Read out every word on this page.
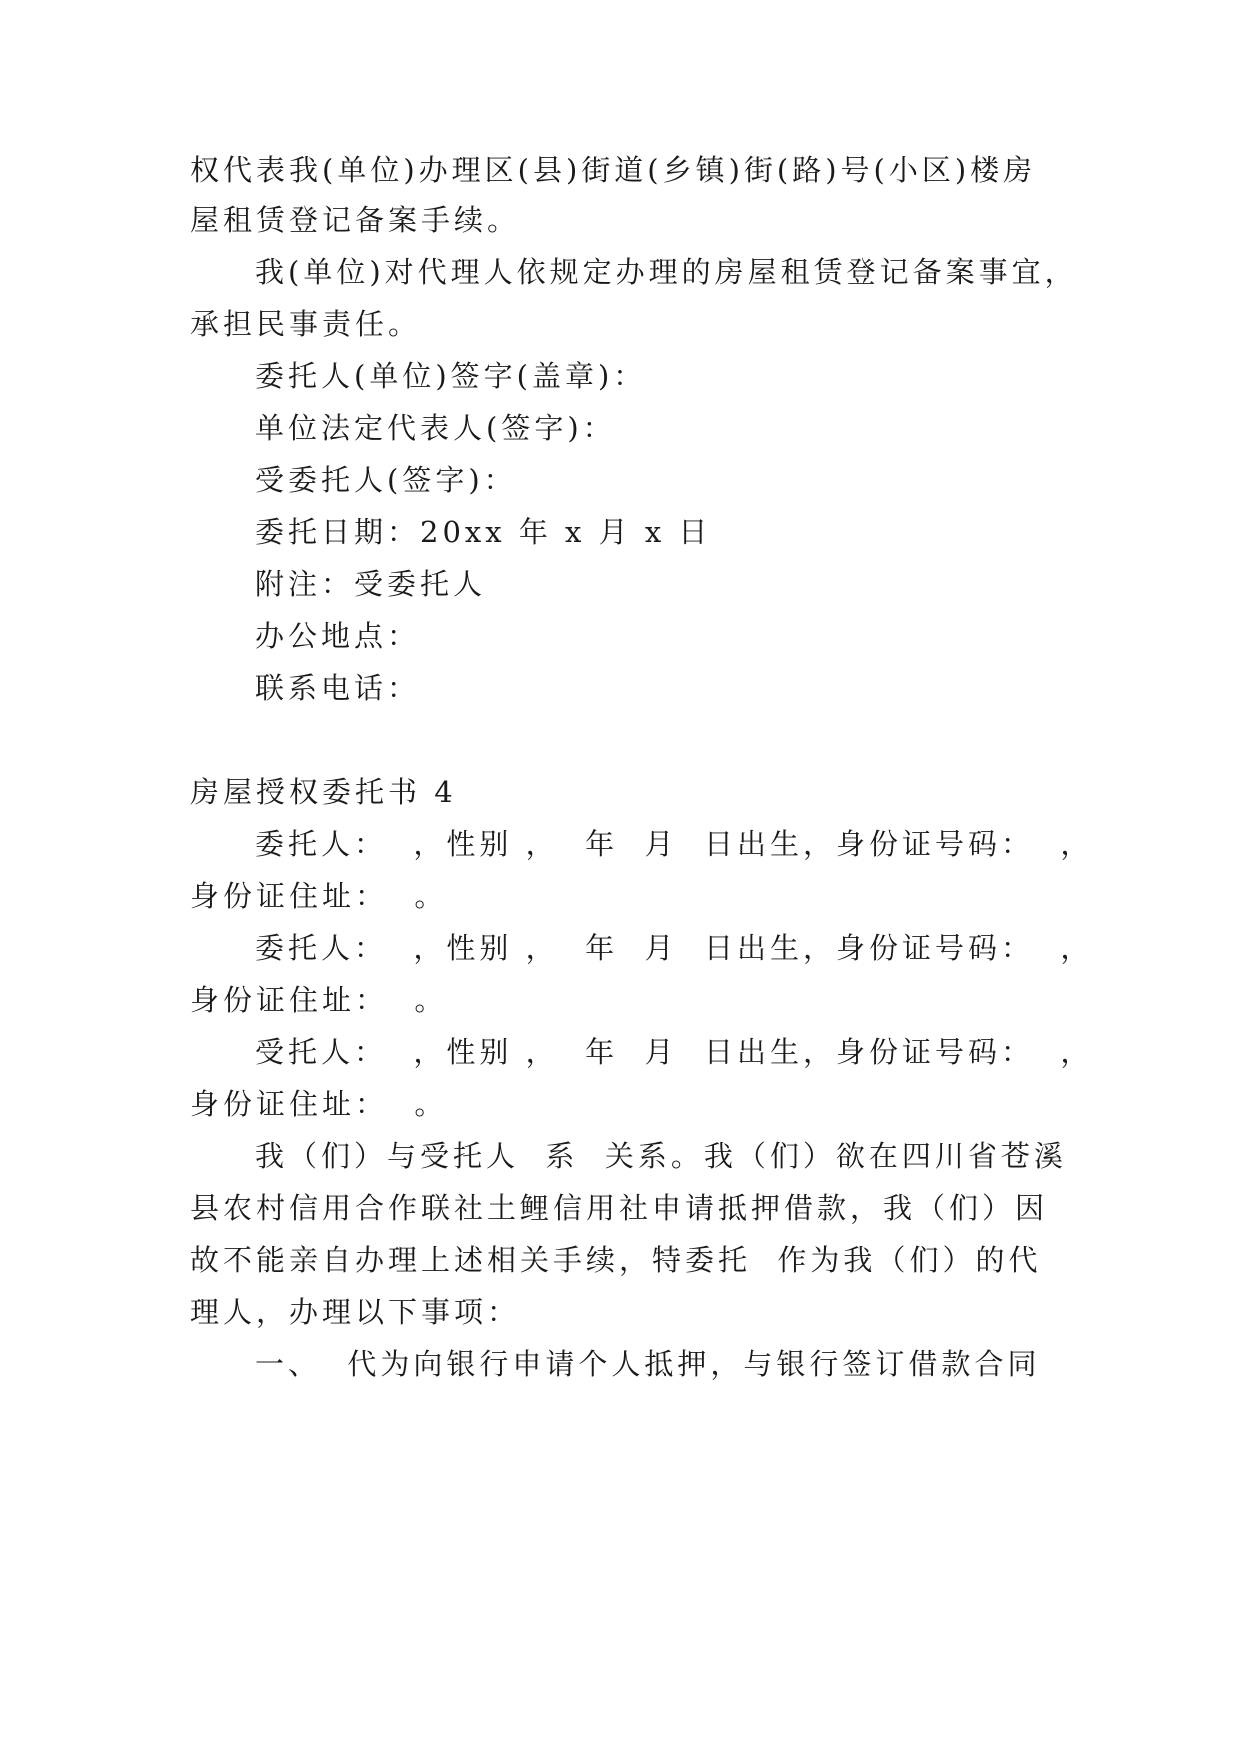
权代表我(单位)办理区(县)街道(乡镇)街(路)号(小区)楼房
屋租赁登记备案手续。
我(单位)对代理人依规定办理的房屋租赁登记备案事宜，
承担民事责任。
委托人(单位)签字(盖章)：
单位法定代表人(签字)：
受委托人(签字)：
委托日期：20xx 年 x 月 x 日
附注：受委托人
办公地点：
联系电话：
房屋授权委托书 4
委托人：  ，性别 ，  年  月  日出生，身份证号码：  ，
身份证住址：  。
委托人：  ，性别 ，  年  月  日出生，身份证号码：  ，
身份证住址：  。
受托人：  ，性别 ，  年  月  日出生，身份证号码：  ，
身份证住址：  。
我（们）与受托人  系  关系。我（们）欲在四川省苍溪
县农村信用合作联社土鲤信用社申请抵押借款，我（们）因
故不能亲自办理上述相关手续，特委托  作为我（们）的代
理人，办理以下事项：
一、  代为向银行申请个人抵押，与银行签订借款合同
